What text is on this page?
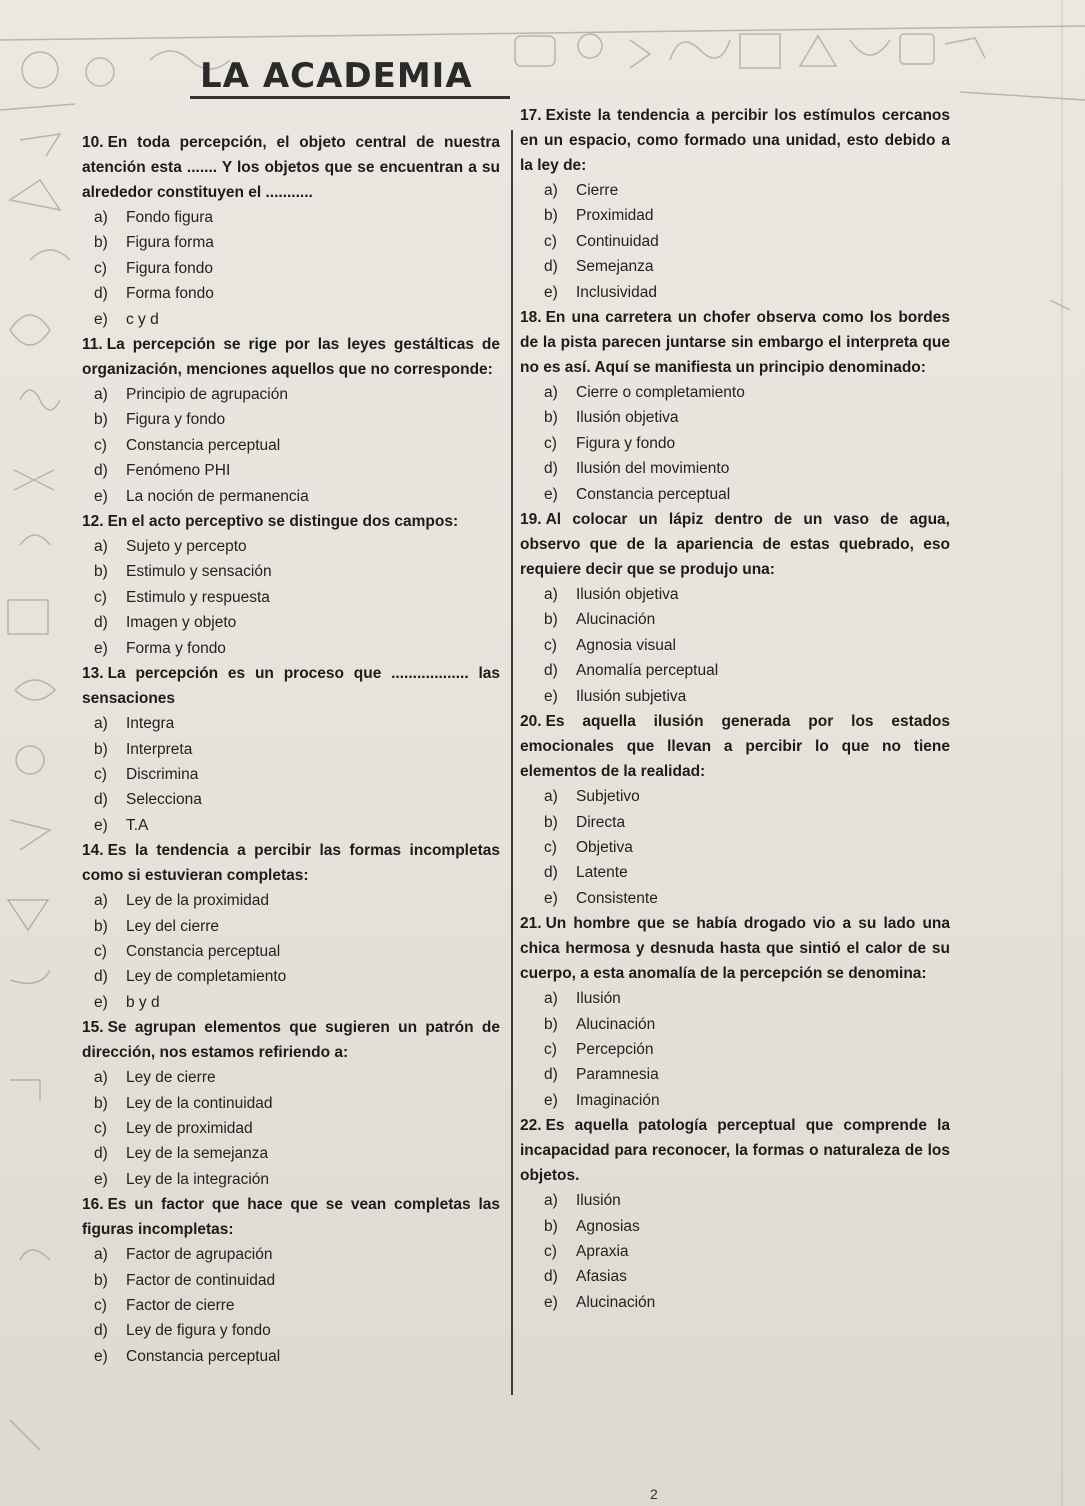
LA ACADEMIA
10. En toda percepción, el objeto central de nuestra atención esta ....... Y los objetos que se encuentran a su alrededor constituyen el ...........
a)	Fondo figura
b)	Figura forma
c)	Figura fondo
d)	Forma fondo
e)	c y d
11. La percepción se rige por las leyes gestálticas de organización, menciones aquellos que no corresponde:
a)	Principio de agrupación
b)	Figura y fondo
c)	Constancia perceptual
d)	Fenómeno PHI
e)	La noción de permanencia
12. En el acto perceptivo se distingue dos campos:
a)	Sujeto y percepto
b)	Estimulo y sensación
c)	Estimulo y respuesta
d)	Imagen y objeto
e)	Forma y fondo
13. La percepción es un proceso que .................. las sensaciones
a)	Integra
b)	Interpreta
c)	Discrimina
d)	Selecciona
e)	T.A
14. Es la tendencia a percibir las formas incompletas como si estuvieran completas:
a)	Ley de la proximidad
b)	Ley del cierre
c)	Constancia perceptual
d)	Ley de completamiento
e)	b y d
15. Se agrupan elementos que sugieren un patrón de dirección, nos estamos refiriendo a:
a)	Ley de cierre
b)	Ley de la continuidad
c)	Ley de proximidad
d)	Ley de la semejanza
e)	Ley de la integración
16. Es un factor que hace que se vean completas las figuras incompletas:
a)	Factor de agrupación
b)	Factor de continuidad
c)	Factor de cierre
d)	Ley de figura y fondo
e)	Constancia perceptual
17. Existe la tendencia a percibir los estímulos cercanos en un espacio, como formado una unidad, esto debido a la ley de:
a)	Cierre
b)	Proximidad
c)	Continuidad
d)	Semejanza
e)	Inclusividad
18. En una carretera un chofer observa como los bordes de la pista parecen juntarse sin embargo el interpreta que no es así. Aquí se manifiesta un principio denominado:
a)	Cierre o completamiento
b)	Ilusión objetiva
c)	Figura y fondo
d)	Ilusión del movimiento
e)	Constancia perceptual
19. Al colocar un lápiz dentro de un vaso de agua, observo que de la apariencia de estas quebrado, eso requiere decir que se produjo una:
a)	Ilusión objetiva
b)	Alucinación
c)	Agnosia visual
d)	Anomalía perceptual
e)	Ilusión subjetiva
20. Es aquella ilusión generada por los estados emocionales que llevan a percibir lo que no tiene elementos de la realidad:
a)	Subjetivo
b)	Directa
c)	Objetiva
d)	Latente
e)	Consistente
21. Un hombre que se había drogado vio a su lado una chica hermosa y desnuda hasta que sintió el calor de su cuerpo, a esta anomalía de la percepción se denomina:
a)	Ilusión
b)	Alucinación
c)	Percepción
d)	Paramnesia
e)	Imaginación
22. Es aquella patología perceptual que comprende la incapacidad para reconocer, la formas o naturaleza de los objetos.
a)	Ilusión
b)	Agnosias
c)	Apraxia
d)	Afasias
e)	Alucinación
2
